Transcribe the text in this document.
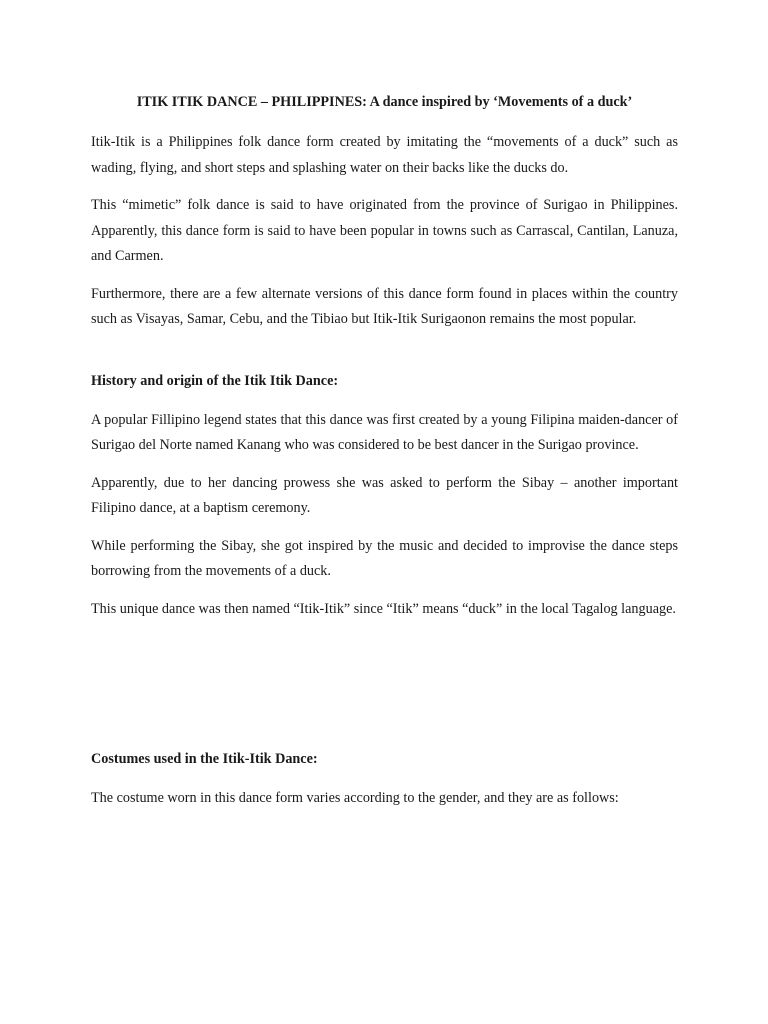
ITIK ITIK DANCE – PHILIPPINES: A dance inspired by ‘Movements of a duck’

Itik-Itik is a Philippines folk dance form created by imitating the “movements of a duck” such as wading, flying, and short steps and splashing water on their backs like the ducks do.

This “mimetic” folk dance is said to have originated from the province of Surigao in Philippines. Apparently, this dance form is said to have been popular in towns such as Carrascal, Cantilan, Lanuza, and Carmen.

Furthermore, there are a few alternate versions of this dance form found in places within the country such as Visayas, Samar, Cebu, and the Tibiao but Itik-Itik Surigaonon remains the most popular.

History and origin of the Itik Itik Dance:

A popular Fillipino legend states that this dance was first created by a young Filipina maiden-dancer of Surigao del Norte named Kanang who was considered to be best dancer in the Surigao province.

Apparently, due to her dancing prowess she was asked to perform the Sibay – another important Filipino dance, at a baptism ceremony.

While performing the Sibay, she got inspired by the music and decided to improvise the dance steps borrowing from the movements of a duck.

This unique dance was then named “Itik-Itik” since “Itik” means “duck” in the local Tagalog language.

Costumes used in the Itik-Itik Dance:

The costume worn in this dance form varies according to the gender, and they are as follows:
